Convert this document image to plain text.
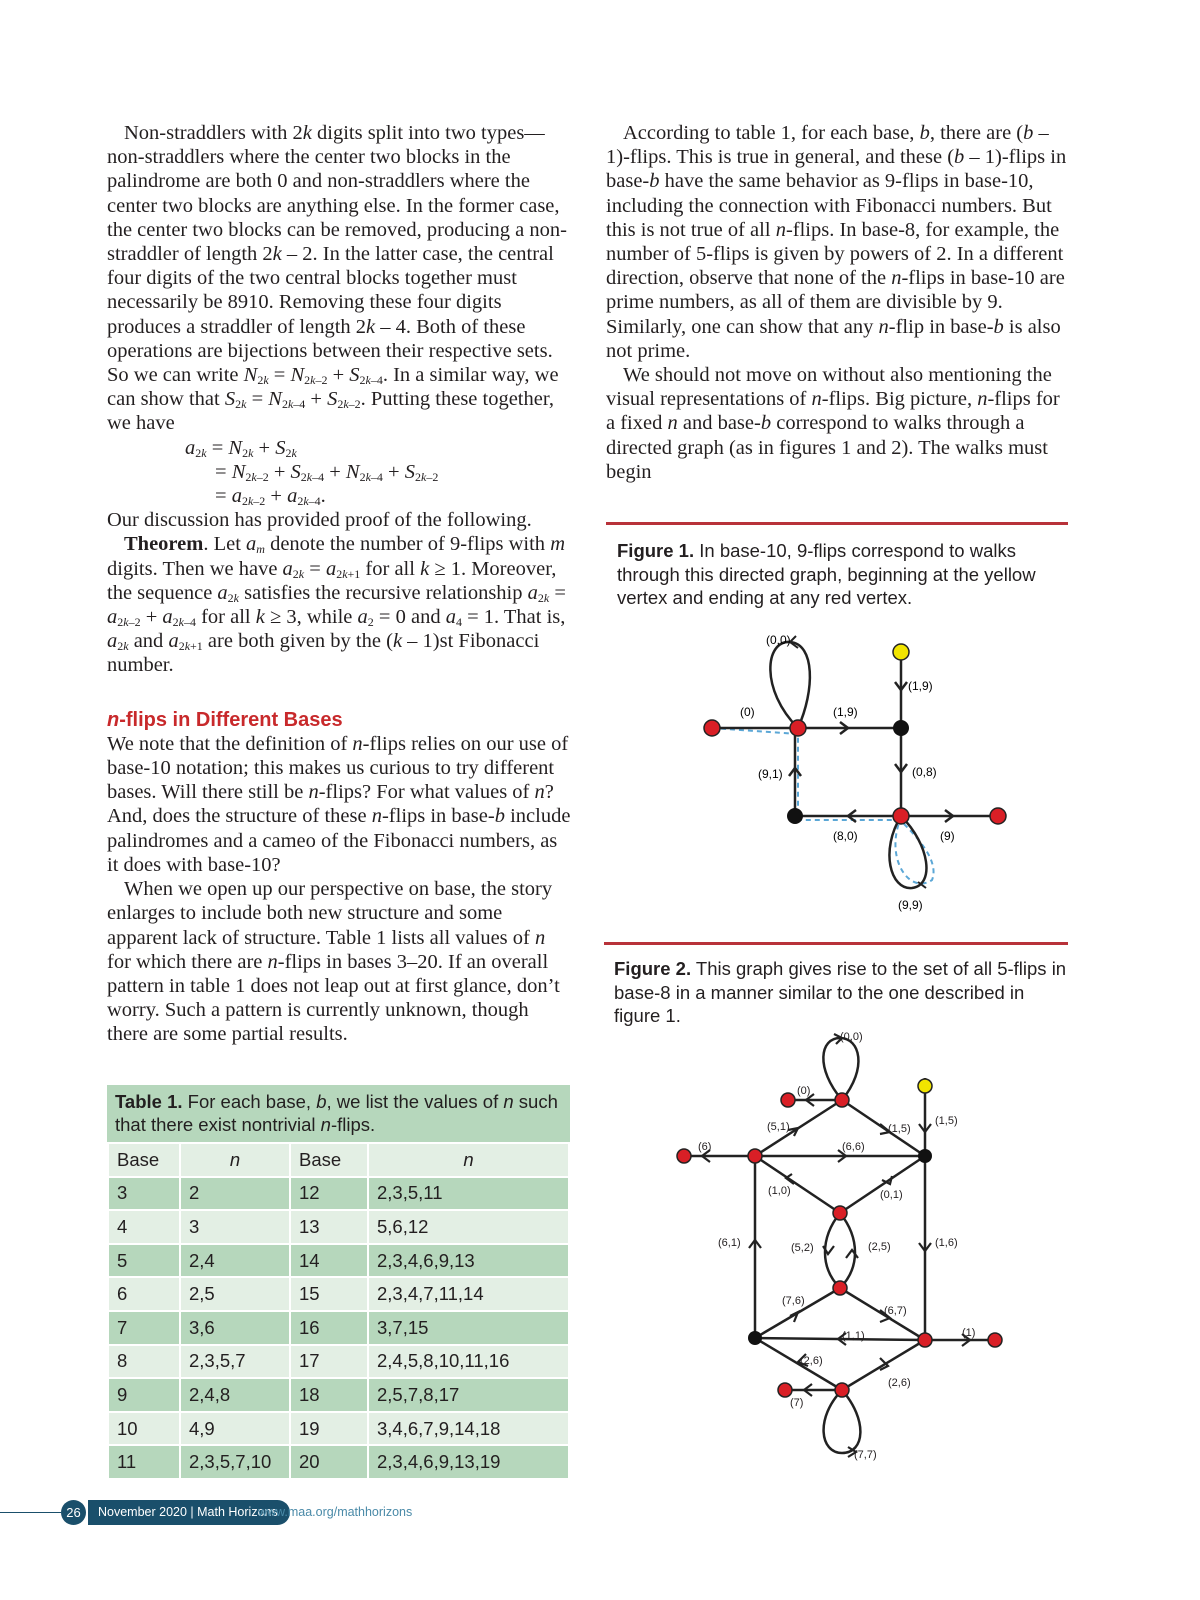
Non-straddlers with 2k digits split into two types—non-straddlers where the center two blocks in the palindrome are both 0 and non-straddlers where the center two blocks are anything else. In the former case, the center two blocks can be removed, producing a non-straddler of length 2k – 2. In the latter case, the central four digits of the two central blocks together must necessarily be 8910. Removing these four digits produces a straddler of length 2k – 4. Both of these operations are bijections between their respective sets. So we can write $N_{2k} = N_{2k-2} + S_{2k-4}$. In a similar way, we can show that $S_{2k} = N_{2k-4} + S_{2k-2}$. Putting these together, we have

$a_{2k} = N_{2k} + S_{2k}$
= $N_{2k-2} + S_{2k-4} + N_{2k-4} + S_{2k-2}$
= $a_{2k-2} + a_{2k-4}$.

Our discussion has provided proof of the following.

Theorem. Let $a_m$ denote the number of 9-flips with m digits. Then we have $a_{2k} = a_{2k+1}$ for all k ≥ 1. Moreover, the sequence $a_{2k}$ satisfies the recursive relationship $a_{2k} = a_{2k-2} + a_{2k-4}$ for all k ≥ 3, while $a_2 = 0$ and $a_4 = 1$. That is, $a_{2k}$ and $a_{2k+1}$ are both given by the (k – 1)st Fibonacci number.

n-flips in Different Bases

We note that the definition of n-flips relies on our use of base-10 notation; this makes us curious to try different bases. Will there still be n-flips? For what values of n? And, does the structure of these n-flips in base-b include palindromes and a cameo of the Fibonacci numbers, as it does with base-10?

When we open up our perspective on base, the story enlarges to include both new structure and some apparent lack of structure. Table 1 lists all values of n for which there are n-flips in bases 3–20. If an overall pattern in table 1 does not leap out at first glance, don’t worry. Such a pattern is currently unknown, though there are some partial results.

Table 1. For each base, b, we list the values of n such that there exist nontrivial n-flips.
Base	n	Base	n
3	2	12	2,3,5,11
4	3	13	5,6,12
5	2,4	14	2,3,4,6,9,13
6	2,5	15	2,3,4,7,11,14
7	3,6	16	3,7,15
8	2,3,5,7	17	2,4,5,8,10,11,16
9	2,4,8	18	2,5,7,8,17
10	4,9	19	3,4,6,7,9,14,18
11	2,3,5,7,10	20	2,3,4,6,9,13,19

According to table 1, for each base, b, there are (b – 1)-flips. This is true in general, and these (b – 1)-flips in base-b have the same behavior as 9-flips in base-10, including the connection with Fibonacci numbers. But this is not true of all n-flips. In base-8, for example, the number of 5-flips is given by powers of 2. In a different direction, observe that none of the n-flips in base-10 are prime numbers, as all of them are divisible by 9. Similarly, one can show that any n-flip in base-b is also not prime.

We should not move on without also mentioning the visual representations of n-flips. Big picture, n-flips for a fixed n and base-b correspond to walks through a directed graph (as in figures 1 and 2). The walks must begin

Figure 1. In base-10, 9-flips correspond to walks through this directed graph, beginning at the yellow vertex and ending at any red vertex.
(0,0)
(1,9)
(0)	(1,9)
(9,1)	(0,8)
(8,0)	(9)
(9,9)
Figure 2. This graph gives rise to the set of all 5-flips in base-8 in a manner similar to the one described in figure 1.
(0,0)
(0)
(5,1)	(1,5)
(1,5)
(6)	(6,6)
(1,0)	(0,1)
(6,1)	(5,2)	(2,5)	(1,6)
(7,6)
(6,7)
(1,1)	(1)
(2,6)
(2,6)
(7)
(7,7)
26	November 2020 | Math Horizons
www.maa.org/mathhorizons
